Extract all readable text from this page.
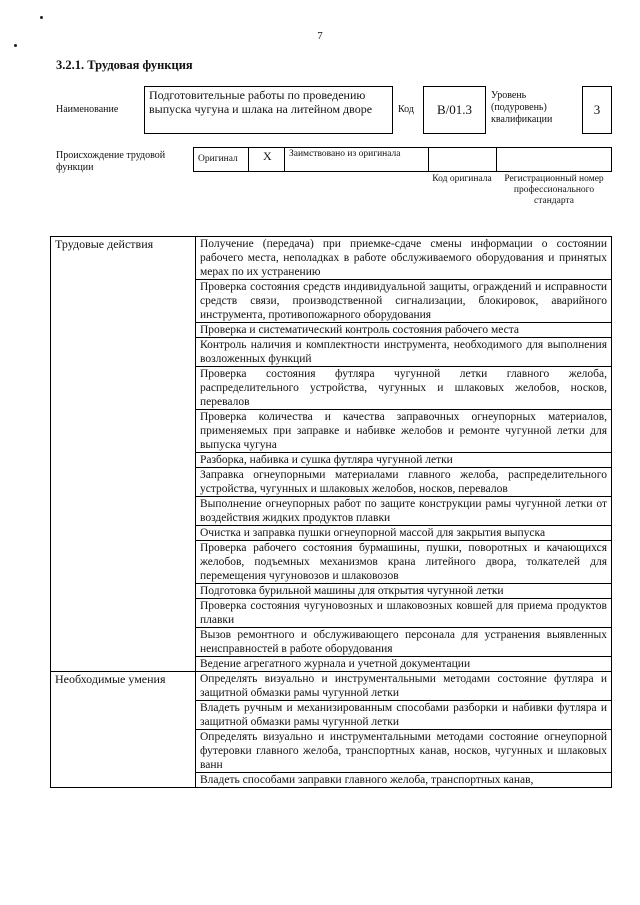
7
3.2.1. Трудовая функция
Наименование
Подготовительные работы по проведению выпуска чугуна и шлака на литейном дворе	Код	B/01.3
Уровень (подуровень) квалификации
3
Происхождение трудовой функции
Оригинал	X	Заимствовано из оригинала
Код оригинала	Регистрационный номер профессионального стандарта
Трудовые действия	Получение (передача) при приемке-сдаче смены информации о состоянии рабочего места, неполадках в работе обслуживаемого оборудования и принятых мерах по их устранению
	Проверка состояния средств индивидуальной защиты, ограждений и исправности средств связи, производственной сигнализации, блокировок, аварийного инструмента, противопожарного оборудования
	Проверка и систематический контроль состояния рабочего места
	Контроль наличия и комплектности инструмента, необходимого для выполнения возложенных функций
	Проверка состояния футляра чугунной летки главного желоба, распределительного устройства, чугунных и шлаковых желобов, носков, перевалов
	Проверка количества и качества заправочных огнеупорных материалов, применяемых при заправке и набивке желобов и ремонте чугунной летки для выпуска чугуна
	Разборка, набивка и сушка футляра чугунной летки
	Заправка огнеупорными материалами главного желоба, распределительного устройства, чугунных и шлаковых желобов, носков, перевалов
	Выполнение огнеупорных работ по защите конструкции рамы чугунной летки от воздействия жидких продуктов плавки
	Очистка и заправка пушки огнеупорной массой для закрытия выпуска
	Проверка рабочего состояния бурмашины, пушки, поворотных и качающихся желобов, подъемных механизмов крана литейного двора, толкателей для перемещения чугуновозов и шлаковозов
	Подготовка бурильной машины для открытия чугунной летки
	Проверка состояния чугуновозных и шлаковозных ковшей для приема продуктов плавки
	Вызов ремонтного и обслуживающего персонала для устранения выявленных неисправностей в работе оборудования
	Ведение агрегатного журнала и учетной документации
Необходимые умения	Определять визуально и инструментальными методами состояние футляра и защитной обмазки рамы чугунной летки
	Владеть ручным и механизированным способами разборки и набивки футляра и защитной обмазки рамы чугунной летки
	Определять визуально и инструментальными методами состояние огнеупорной футеровки главного желоба, транспортных канав, носков, чугунных и шлаковых ванн
	Владеть способами заправки главного желоба, транспортных канав,
